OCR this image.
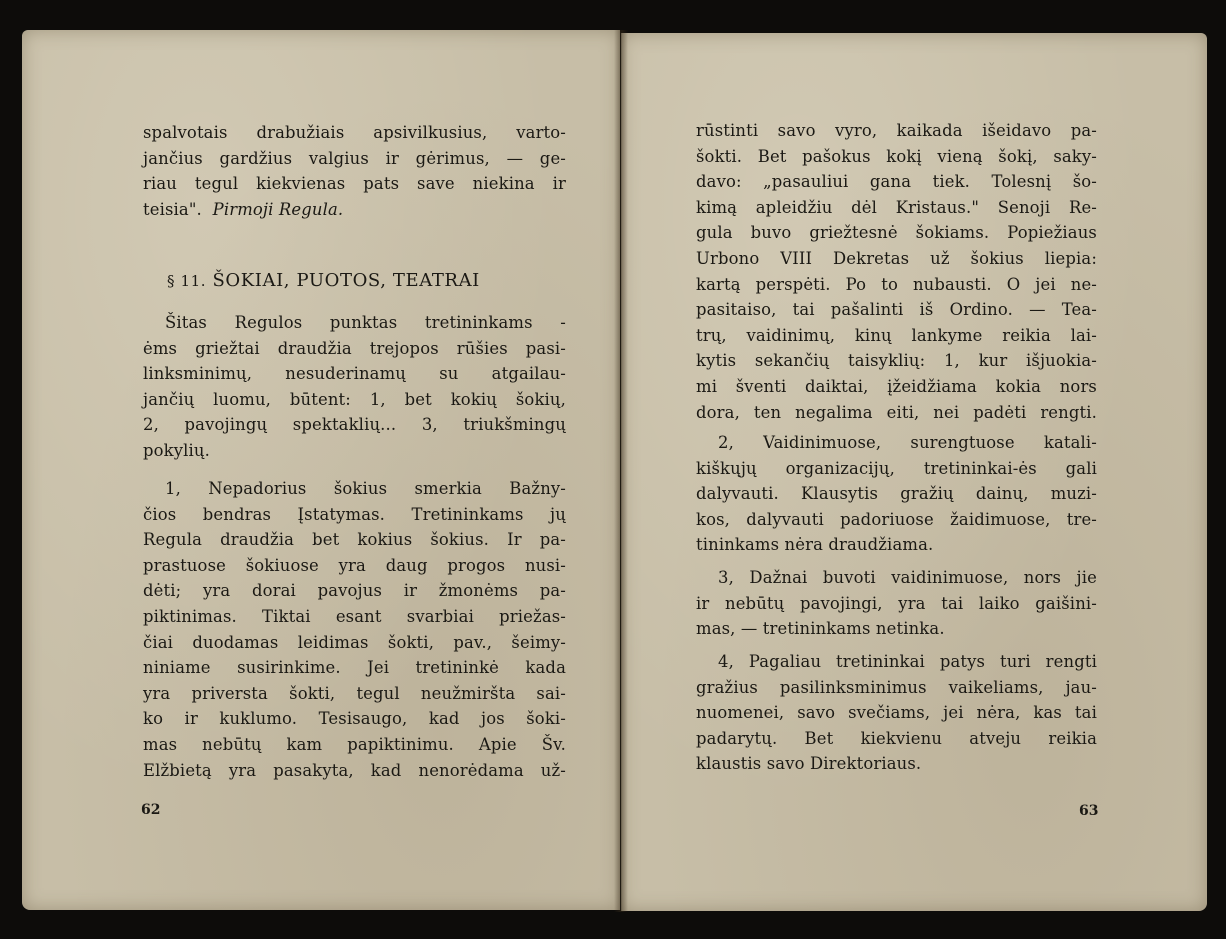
spalvotais drabužiais apsivilkusius, varto-
jančius gardžius valgius ir gėrimus, — ge-
riau tegul kiekvienas pats save niekina ir
teisia". Pirmoji Regula.
§ 11. ŠOKIAI, PUOTOS, TEATRAI
Šitas Regulos punktas tretininkams -
ėms griežtai draudžia trejopos rūšies pasi-
linksminimų, nesuderinamų su atgailau-
jančių luomu, būtent: 1, bet kokių šokių,
2, pavojingų spektaklių... 3, triukšmingų
pokylių.
1, Nepadorius šokius smerkia Bažny-
čios bendras Įstatymas. Tretininkams jų
Regula draudžia bet kokius šokius. Ir pa-
prastuose šokiuose yra daug progos nusi-
dėti; yra dorai pavojus ir žmonėms pa-
piktinimas. Tiktai esant svarbiai priežas-
čiai duodamas leidimas šokti, pav., šeimy-
niniame susirinkime. Jei tretininkė kada
yra priversta šokti, tegul neužmiršta sai-
ko ir kuklumo. Tesisaugo, kad jos šoki-
mas nebūtų kam papiktinimu. Apie Šv.
Elžbietą yra pasakyta, kad nenorėdama už-
62
rūstinti savo vyro, kaikada išeidavo pa-
šokti. Bet pašokus kokį vieną šokį, saky-
davo: „pasauliui gana tiek. Tolesnį šo-
kimą apleidžiu dėl Kristaus." Senoji Re-
gula buvo griežtesnė šokiams. Popiežiaus
Urbono VIII Dekretas už šokius liepia:
kartą perspėti. Po to nubausti. O jei ne-
pasitaiso, tai pašalinti iš Ordino. — Tea-
trų, vaidinimų, kinų lankyme reikia lai-
kytis sekančių taisyklių: 1, kur išjuokia-
mi šventi daiktai, įžeidžiama kokia nors
dora, ten negalima eiti, nei padėti rengti.
2, Vaidinimuose, surengtuose katali-
kiškųjų organizacijų, tretininkai-ės gali
dalyvauti. Klausytis gražių dainų, muzi-
kos, dalyvauti padoriuose žaidimuose, tre-
tininkams nėra draudžiama.
3, Dažnai buvoti vaidinimuose, nors jie
ir nebūtų pavojingi, yra tai laiko gaišini-
mas, — tretininkams netinka.
4, Pagaliau tretininkai patys turi rengti
gražius pasilinksminimus vaikeliams, jau-
nuomenei, savo svečiams, jei nėra, kas tai
padarytų. Bet kiekvienu atveju reikia
klaustis savo Direktoriaus.
63
